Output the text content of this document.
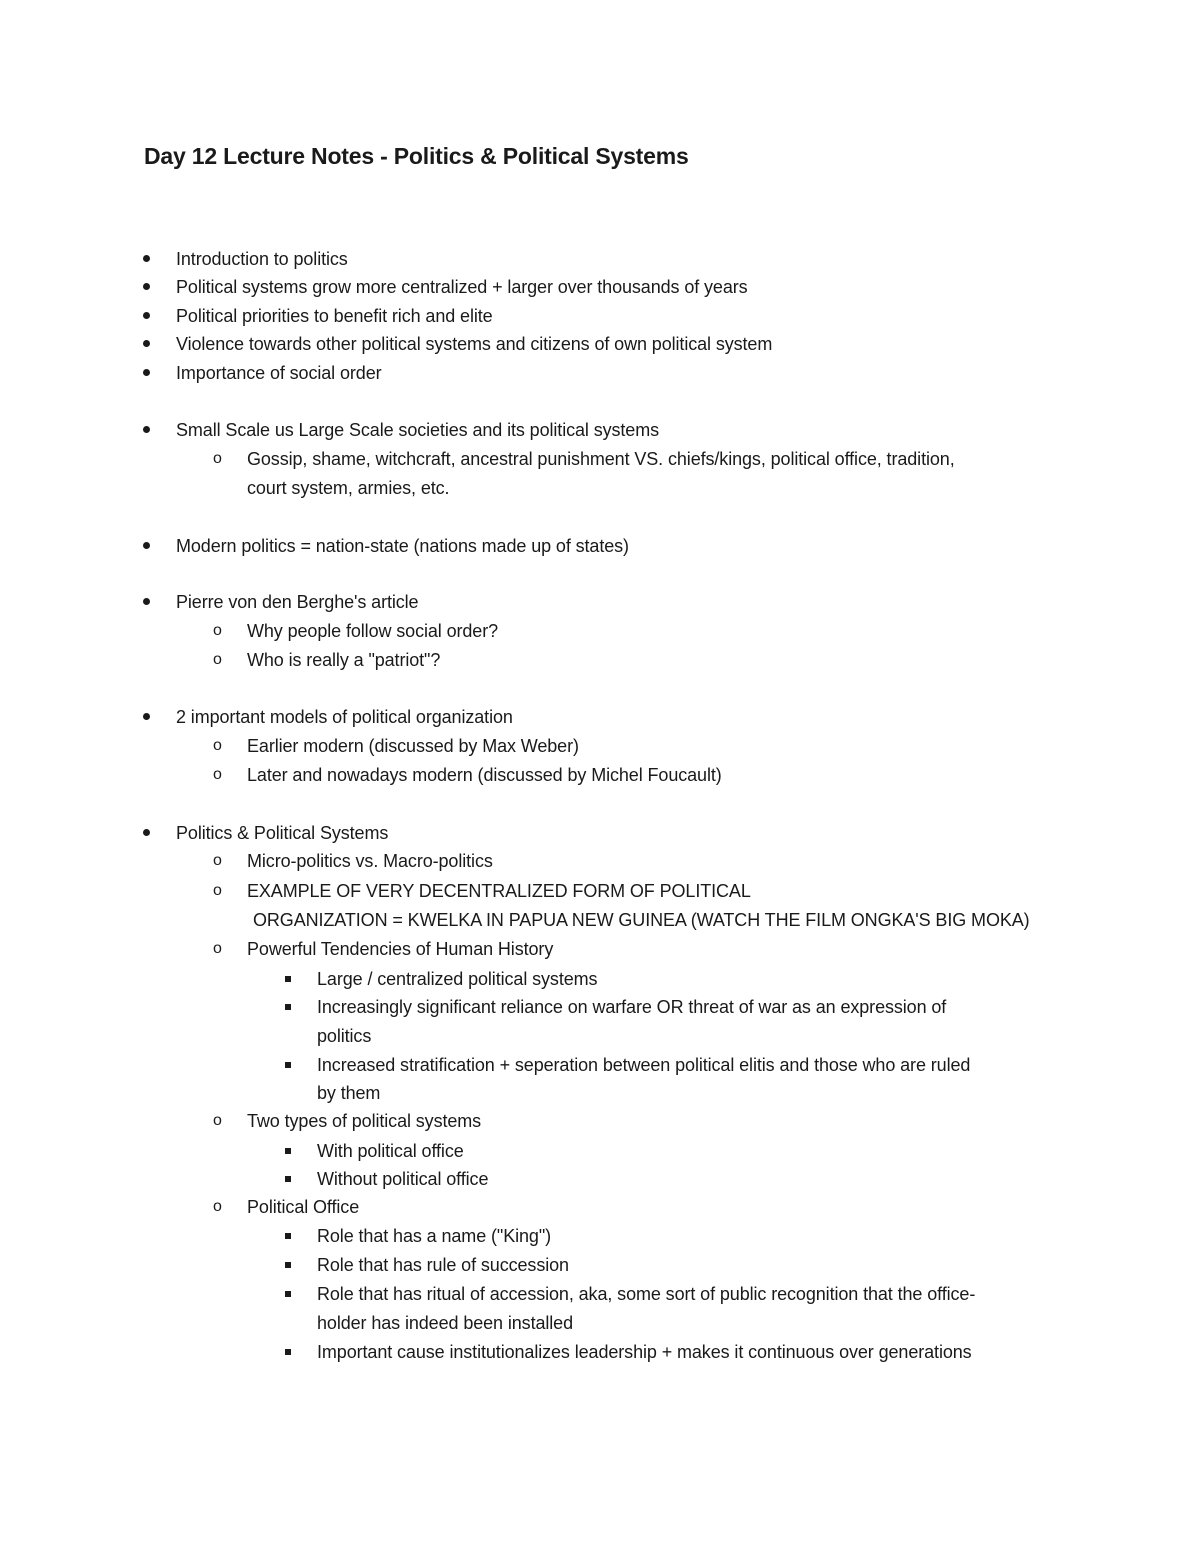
Day 12 Lecture Notes - Politics & Political Systems
Introduction to politics
Political systems grow more centralized + larger over thousands of years
Political priorities to benefit rich and elite
Violence towards other political systems and citizens of own political system
Importance of social order
Small Scale us Large Scale societies and its political systems
Gossip, shame, witchcraft, ancestral punishment VS. chiefs/kings, political office, tradition,
o
court system, armies, etc.
Modern politics = nation-state (nations made up of states)
Pierre von den Berghe's article
Why people follow social order?
o
Who is really a "patriot"?
o
2 important models of political organization
Earlier modern (discussed by Max Weber)
o
Later and nowadays modern (discussed by Michel Foucault)
o
Politics & Political Systems
Micro-politics vs. Macro-politics
o
EXAMPLE OF VERY DECENTRALIZED FORM OF POLITICAL
o
ORGANIZATION = KWELKA IN PAPUA NEW GUINEA (WATCH THE FILM ONGKA'S BIG MOKA)
Powerful Tendencies of Human History
o
Large / centralized political systems
Increasingly significant reliance on warfare OR threat of war as an expression of
politics
Increased stratification + seperation between political elitis and those who are ruled
by them
Two types of political systems
o
With political office
Without political office
Political Office
o
Role that has a name ("King")
Role that has rule of succession
Role that has ritual of accession, aka, some sort of public recognition that the office-
holder has indeed been installed
Important cause institutionalizes leadership + makes it continuous over generations
